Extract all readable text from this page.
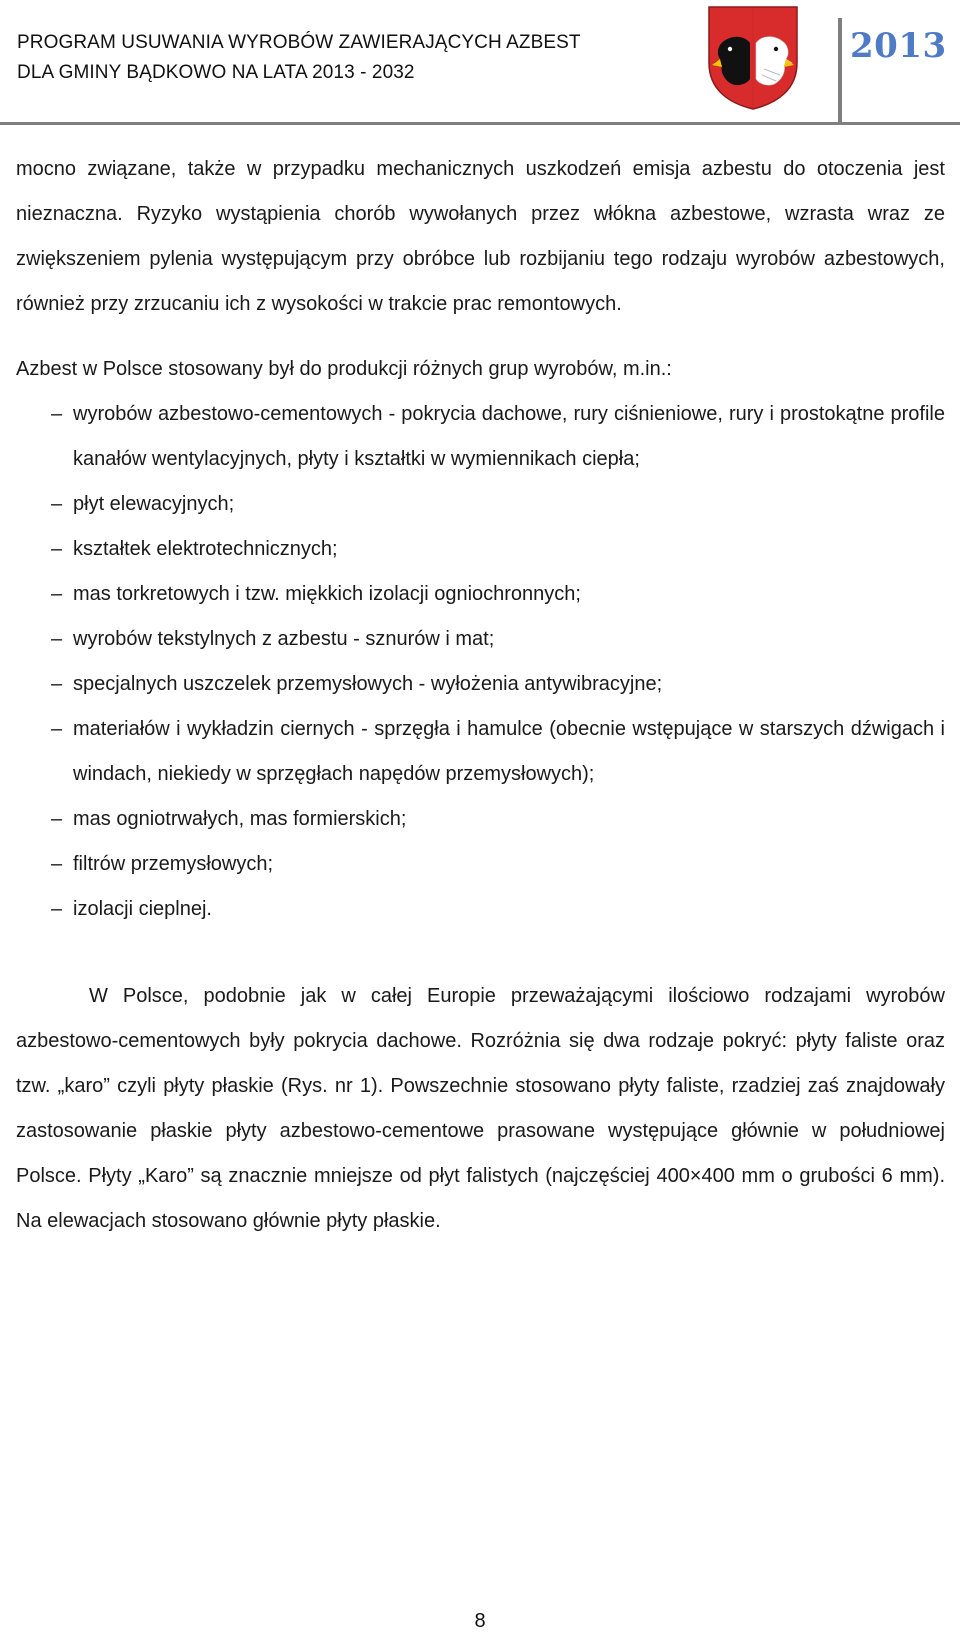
PROGRAM USUWANIA WYROBÓW ZAWIERAJĄCYCH AZBEST
DLA GMINY BĄDKOWO NA LATA 2013 - 2032
2013

mocno związane, także w przypadku mechanicznych uszkodzeń emisja azbestu do otoczenia jest nieznaczna. Ryzyko wystąpienia chorób wywołanych przez włókna azbestowe, wzrasta wraz ze zwiększeniem pylenia występującym przy obróbce lub rozbijaniu tego rodzaju wyrobów azbestowych, również przy zrzucaniu ich z wysokości w trakcie prac remontowych.

Azbest w Polsce stosowany był do produkcji różnych grup wyrobów, m.in.:

– wyrobów azbestowo-cementowych - pokrycia dachowe, rury ciśnieniowe, rury i prostokątne profile kanałów wentylacyjnych, płyty i kształtki w wymiennikach ciepła;
– płyt elewacyjnych;
– kształtek elektrotechnicznych;
– mas torkretowych i tzw. miękkich izolacji ogniochronnych;
– wyrobów tekstylnych z azbestu - sznurów i mat;
– specjalnych uszczelek przemysłowych - wyłożenia antywibracyjne;
– materiałów i wykładzin ciernych - sprzęgła i hamulce (obecnie wstępujące w starszych dźwigach i windach, niekiedy w sprzęgłach napędów przemysłowych);
– mas ogniotrwałych, mas formierskich;
– filtrów przemysłowych;
– izolacji cieplnej.

W Polsce, podobnie jak w całej Europie przeważającymi ilościowo rodzajami wyrobów azbestowo-cementowych były pokrycia dachowe. Rozróżnia się dwa rodzaje pokryć: płyty faliste oraz tzw. „karo” czyli płyty płaskie (Rys. nr 1). Powszechnie stosowano płyty faliste, rzadziej zaś znajdowały zastosowanie płaskie płyty azbestowo-cementowe prasowane występujące głównie w południowej Polsce. Płyty „Karo” są znacznie mniejsze od płyt falistych (najczęściej 400×400 mm o grubości 6 mm). Na elewacjach stosowano głównie płyty płaskie.

8
